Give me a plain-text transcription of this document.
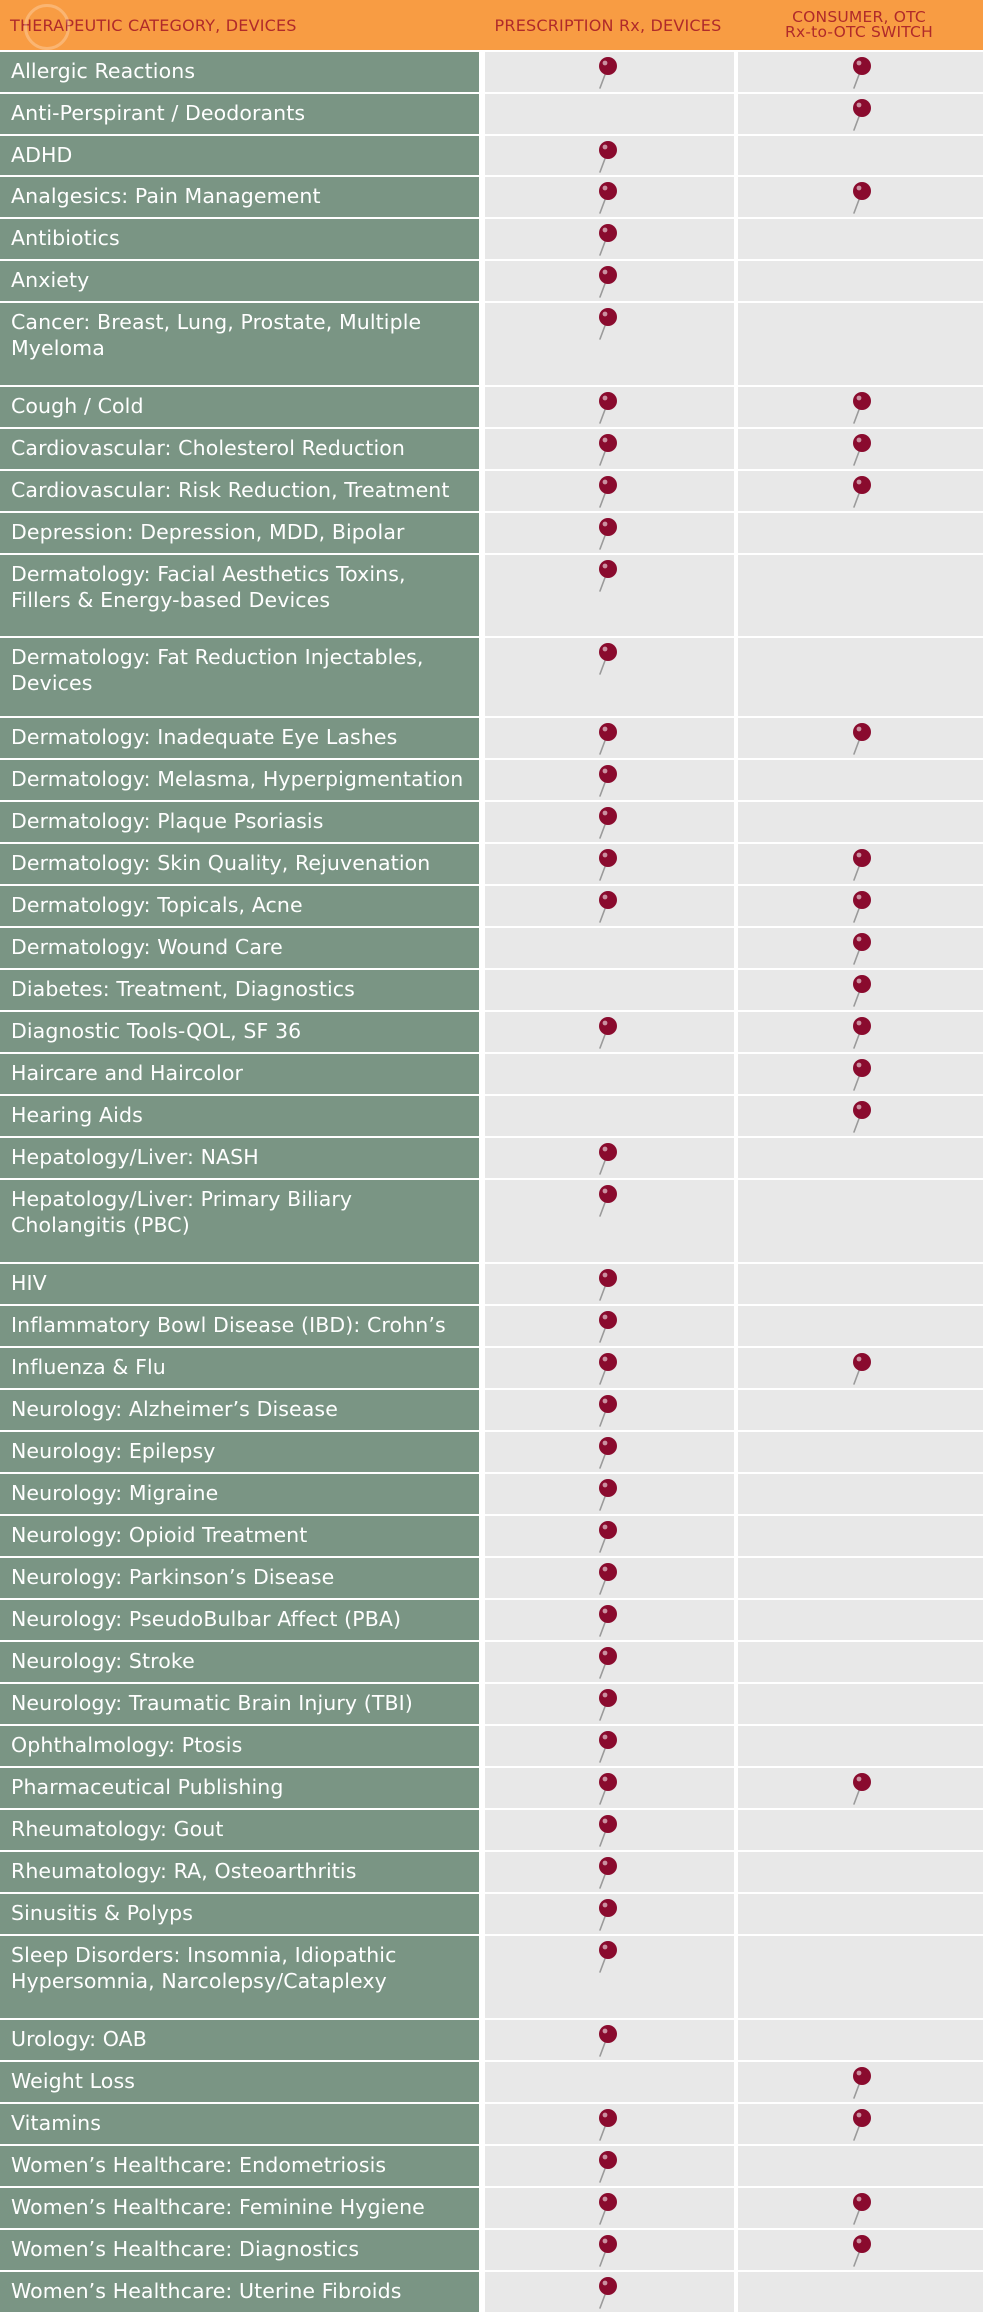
THERAPEUTIC CATEGORY, DEVICES	PRESCRIPTION Rx, DEVICES	CONSUMER, OTC
Rx-to-OTC SWITCH
Allergic Reactions
Anti-Perspirant / Deodorants
ADHD
Analgesics: Pain Management
Antibiotics
Anxiety
Cancer: Breast, Lung, Prostate, Multiple Myeloma
Cough / Cold
Cardiovascular: Cholesterol Reduction
Cardiovascular: Risk Reduction, Treatment
Depression: Depression, MDD, Bipolar
Dermatology: Facial Aesthetics Toxins, Fillers & Energy-based Devices
Dermatology: Fat Reduction Injectables, Devices
Dermatology: Inadequate Eye Lashes
Dermatology: Melasma, Hyperpigmentation
Dermatology: Plaque Psoriasis
Dermatology: Skin Quality, Rejuvenation
Dermatology: Topicals, Acne
Dermatology: Wound Care
Diabetes: Treatment, Diagnostics
Diagnostic Tools-QOL, SF 36
Haircare and Haircolor
Hearing Aids
Hepatology/Liver: NASH
Hepatology/Liver: Primary Biliary Cholangitis (PBC)
HIV
Inflammatory Bowl Disease (IBD): Crohn’s
Influenza & Flu
Neurology: Alzheimer’s Disease
Neurology: Epilepsy
Neurology: Migraine
Neurology: Opioid Treatment
Neurology: Parkinson’s Disease
Neurology: PseudoBulbar Affect (PBA)
Neurology: Stroke
Neurology: Traumatic Brain Injury (TBI)
Ophthalmology: Ptosis
Pharmaceutical Publishing
Rheumatology: Gout
Rheumatology: RA, Osteoarthritis
Sinusitis & Polyps
Sleep Disorders: Insomnia, Idiopathic Hypersomnia, Narcolepsy/Cataplexy
Urology: OAB
Weight Loss
Vitamins
Women’s Healthcare: Endometriosis
Women’s Healthcare: Feminine Hygiene
Women’s Healthcare: Diagnostics
Women’s Healthcare: Uterine Fibroids
